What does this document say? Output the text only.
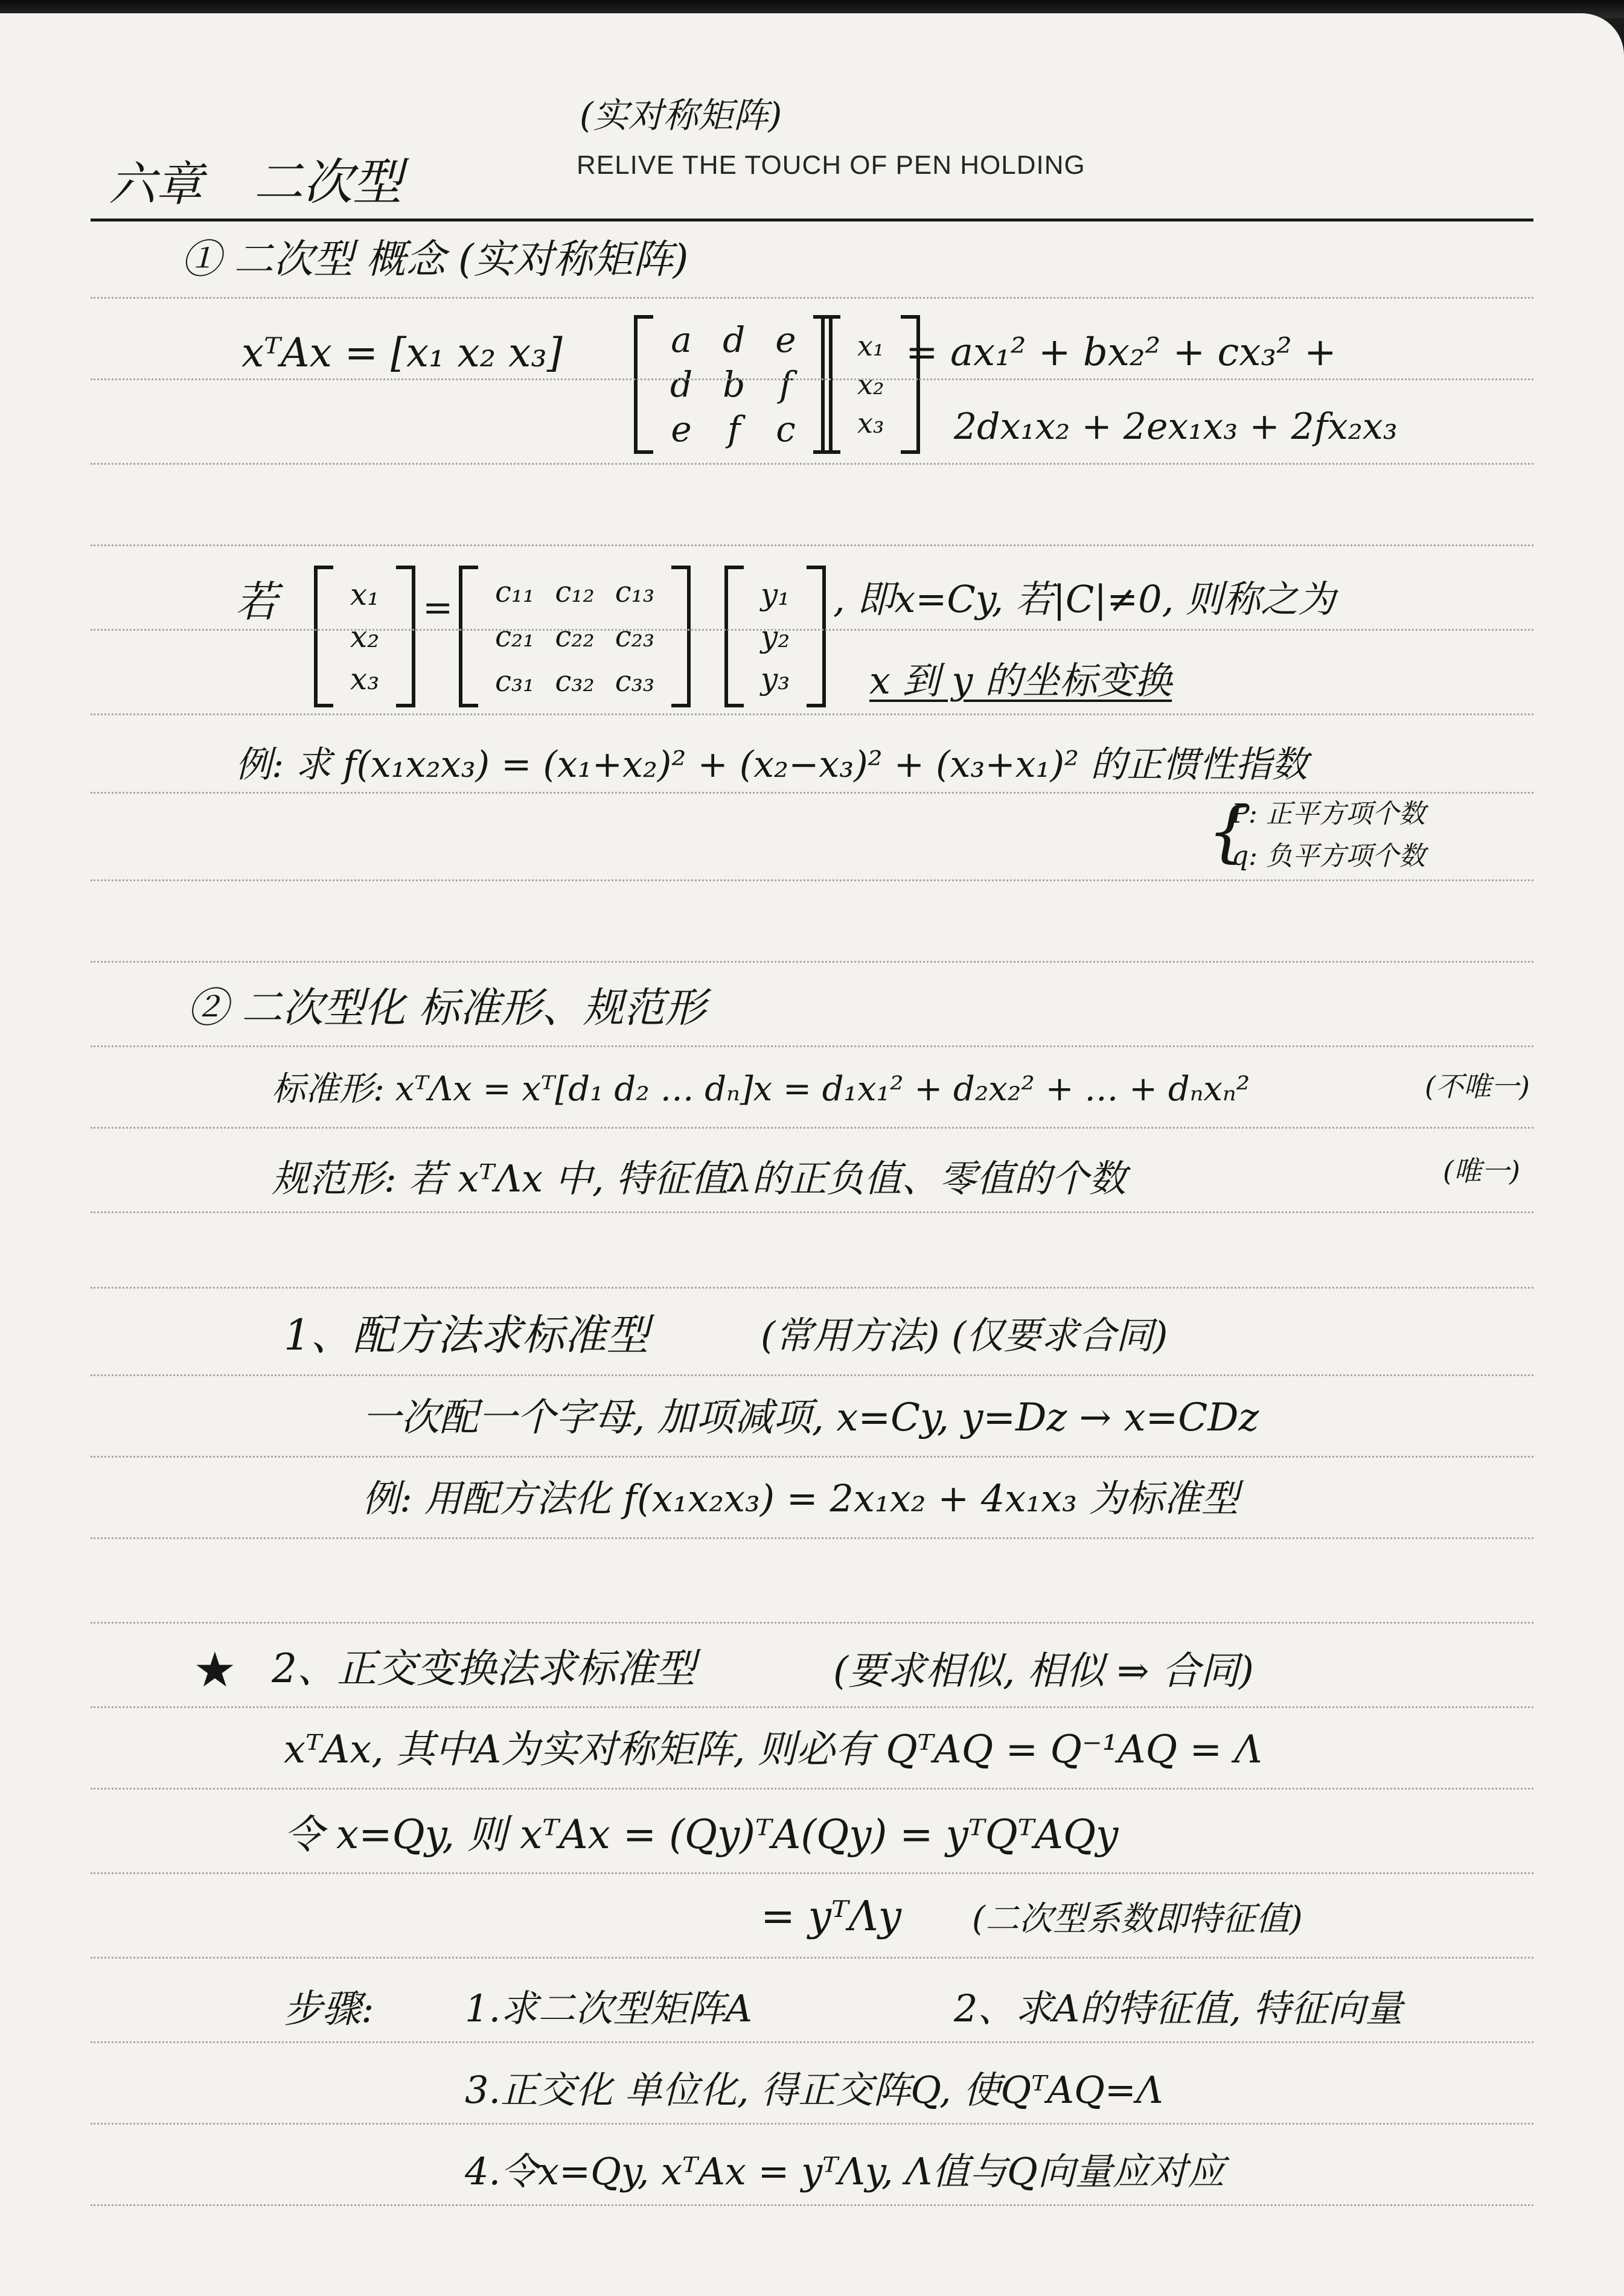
六章 二次型
(实对称矩阵)
RELIVE THE TOUCH OF PEN HOLDING
① 二次型 概念 (实对称矩阵)
xᵀAx = [x₁ x₂ x₃]	a d e
d b f
e f c
x₁
x₂
x₃
= ax₁² + bx₂² + cx₃² +
2dx₁x₂ + 2ex₁x₃ + 2fx₂x₃
若 x₁
x₂
x₃
= c₁₁ c₁₂ c₁₃
c₂₁ c₂₂ c₂₃
c₃₁ c₃₂ c₃₃
y₁
y₂
y₃
, 即x=Cy, 若|C|≠0, 则称之为
x 到 y 的坐标变换
例: 求 f(x₁x₂x₃) = (x₁+x₂)² + (x₂−x₃)² + (x₃+x₁)² 的正惯性指数
P: 正平方项个数
q: 负平方项个数
{
② 二次型化 标准形、规范形
标准形: xᵀΛx = xᵀ[d₁ d₂ … dₙ]x = d₁x₁² + d₂x₂² + … + dₙxₙ²	(不唯一)
规范形: 若 xᵀΛx 中, 特征值λ的正负值、零值的个数	(唯一)
1、配方法求标准型	(常用方法) (仅要求合同)
一次配一个字母, 加项减项, x=Cy, y=Dz → x=CDz
例: 用配方法化 f(x₁x₂x₃) = 2x₁x₂ + 4x₁x₃ 为标准型
★ 2、正交变换法求标准型	(要求相似, 相似 ⇒ 合同)
xᵀAx, 其中A为实对称矩阵, 则必有 QᵀAQ = Q⁻¹AQ = Λ
令 x=Qy, 则 xᵀAx = (Qy)ᵀA(Qy) = yᵀQᵀAQy
= yᵀΛy (二次型系数即特征值)
步骤: 1.求二次型矩阵A	2、求A的特征值, 特征向量
3.正交化 单位化, 得正交阵Q, 使QᵀAQ=Λ
4.令x=Qy, xᵀAx = yᵀΛy, Λ值与Q向量应对应
